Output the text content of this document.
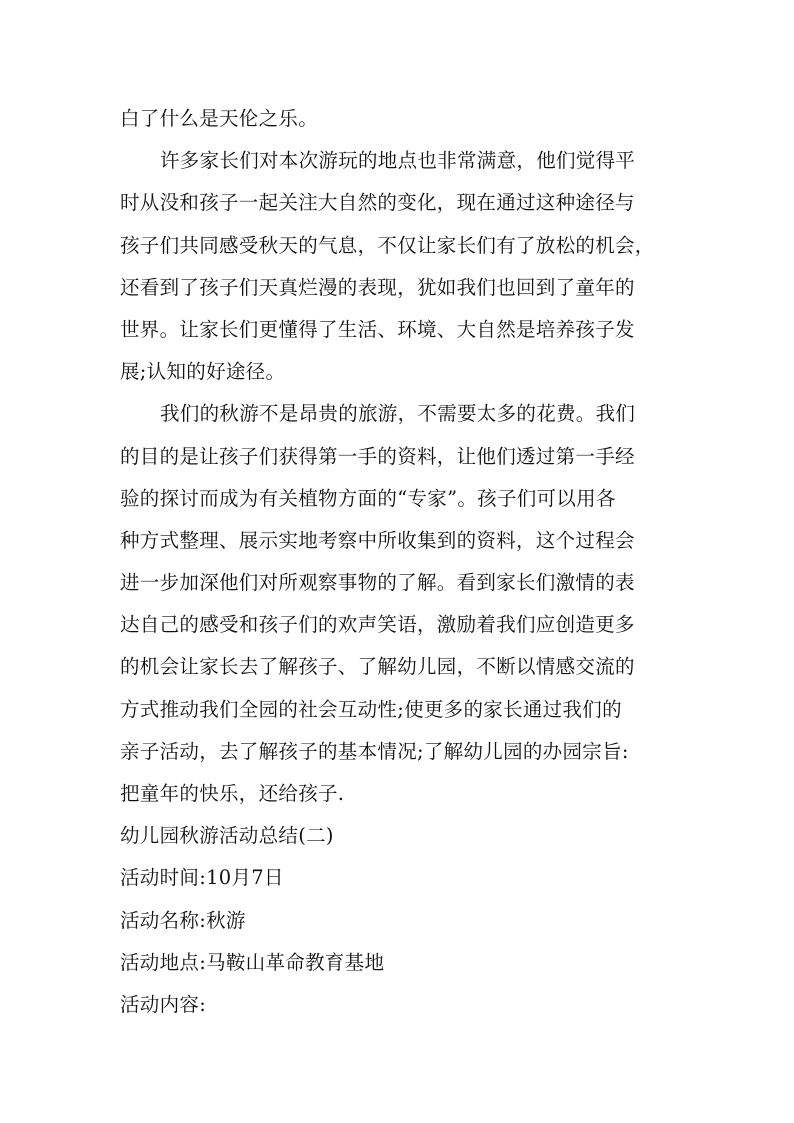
白了什么是天伦之乐。
许多家长们对本次游玩的地点也非常满意，他们觉得平
时从没和孩子一起关注大自然的变化，现在通过这种途径与
孩子们共同感受秋天的气息，不仅让家长们有了放松的机会，
还看到了孩子们天真烂漫的表现，犹如我们也回到了童年的
世界。让家长们更懂得了生活、环境、大自然是培养孩子发
展;认知的好途径。
我们的秋游不是昂贵的旅游，不需要太多的花费。我们
的目的是让孩子们获得第一手的资料，让他们透过第一手经
验的探讨而成为有关植物方面的“专家”。孩子们可以用各
种方式整理、展示实地考察中所收集到的资料，这个过程会
进一步加深他们对所观察事物的了解。看到家长们激情的表
达自己的感受和孩子们的欢声笑语，激励着我们应创造更多
的机会让家长去了解孩子、了解幼儿园，不断以情感交流的
方式推动我们全园的社会互动性;使更多的家长通过我们的
亲子活动，去了解孩子的基本情况;了解幼儿园的办园宗旨:
把童年的快乐，还给孩子.
幼儿园秋游活动总结(二)
活动时间:10月7日
活动名称:秋游
活动地点:马鞍山革命教育基地
活动内容:
